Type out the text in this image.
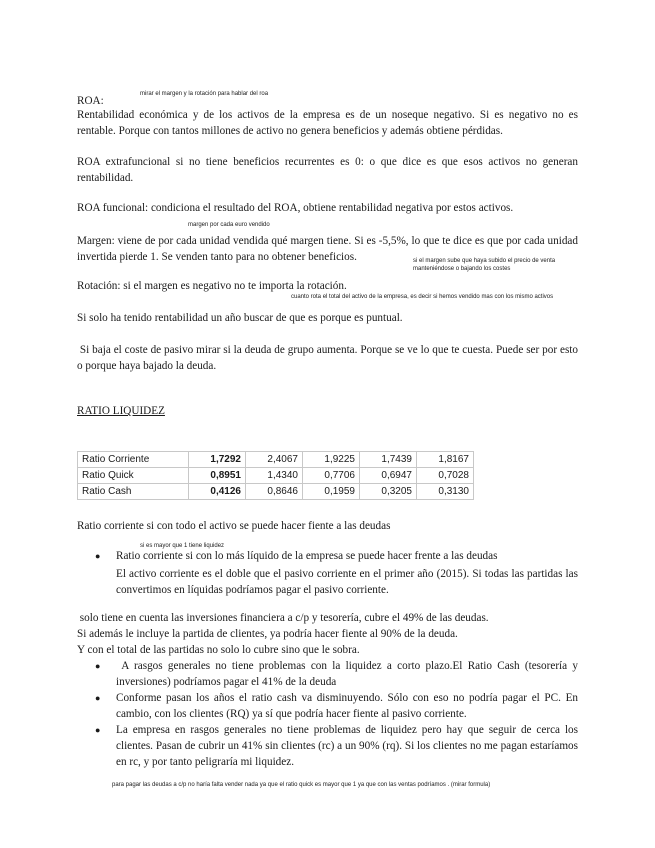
mirar el margen y la rotación para hablar del roa
ROA:
Rentabilidad económica y de los activos de la empresa es de un noseque negativo. Si es negativo no es rentable. Porque con tantos millones de activo no genera beneficios y además obtiene pérdidas.
ROA extrafuncional si no tiene beneficios recurrentes es 0: o que dice es que esos activos no generan rentabilidad.
ROA funcional: condiciona el resultado del ROA, obtiene rentabilidad negativa por estos activos.
margen por cada euro vendido
Margen: viene de por cada unidad vendida qué margen tiene. Si es -5,5%, lo que te dice es que por cada unidad invertida pierde 1. Se venden tanto para no obtener beneficios.	si el margen sube que haya subido el precio de venta
manteniéndose o bajando los costes
Rotación: si el margen es negativo no te importa la rotación.
cuanto rota el total del activo de la empresa, es decir si hemos vendido mas con los mismo activos
Si solo ha tenido rentabilidad un año buscar de que es porque es puntual.
Si baja el coste de pasivo mirar si la deuda de grupo aumenta. Porque se ve lo que te cuesta. Puede ser por esto o porque haya bajado la deuda.
RATIO LIQUIDEZ
Ratio Corriente	1,7292	2,4067	1,9225	1,7439	1,8167
Ratio Quick	0,8951	1,4340	0,7706	0,6947	0,7028
Ratio Cash	0,4126	0,8646	0,1959	0,3205	0,3130
Ratio corriente si con todo el activo se puede hacer fiente a las deudas
si es mayor que 1 tiene liquidez
● Ratio corriente si con lo más líquido de la empresa se puede hacer frente a las deudas
El activo corriente es el doble que el pasivo corriente en el primer año (2015). Si todas las partidas las convertimos en líquidas podríamos pagar el pasivo corriente.
solo tiene en cuenta las inversiones financiera a c/p y tesorería, cubre el 49% de las deudas.
Si además le incluye la partida de clientes, ya podría hacer fiente al 90% de la deuda.
Y con el total de las partidas no solo lo cubre sino que le sobra.
● A rasgos generales no tiene problemas con la liquidez a corto plazo.El Ratio Cash (tesorería y inversiones) podríamos pagar el 41% de la deuda
● Conforme pasan los años el ratio cash va disminuyendo. Sólo con eso no podría pagar el PC. En cambio, con los clientes (RQ) ya sí que podría hacer fiente al pasivo corriente.
● La empresa en rasgos generales no tiene problemas de liquidez pero hay que seguir de cerca los clientes. Pasan de cubrir un 41% sin clientes (rc) a un 90% (rq). Si los clientes no me pagan estaríamos en rc, y por tanto peligraría mi liquidez.
para pagar las deudas a c/p no haría falta vender nada ya que el ratio quick es mayor que 1 ya que con las ventas podríamos . (mirar formula)
